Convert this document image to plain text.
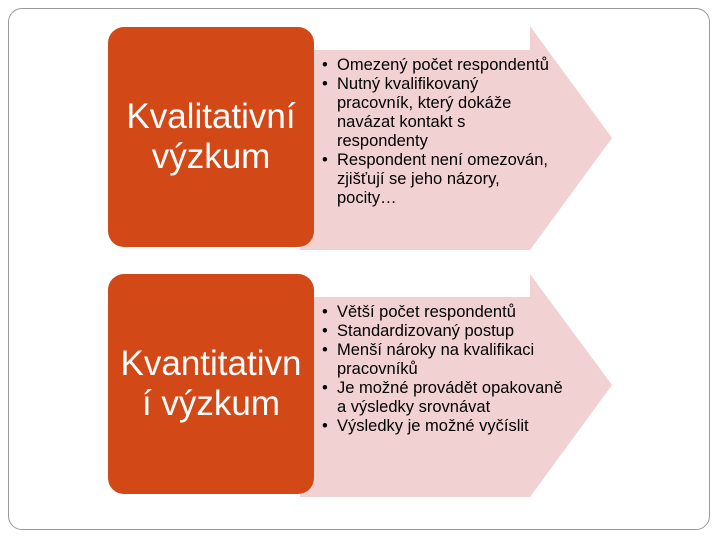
Kvalitativní výzkum
• Omezený počet respondentů
• Nutný kvalifikovaný pracovník, který dokáže navázat kontakt s respondenty
• Respondent není omezován, zjišťují se jeho názory, pocity…
Kvantitativní výzkum
• Větší počet respondentů
• Standardizovaný postup
• Menší nároky na kvalifikaci pracovníků
• Je možné provádět opakovaně a výsledky srovnávat
• Výsledky je možné vyčíslit
